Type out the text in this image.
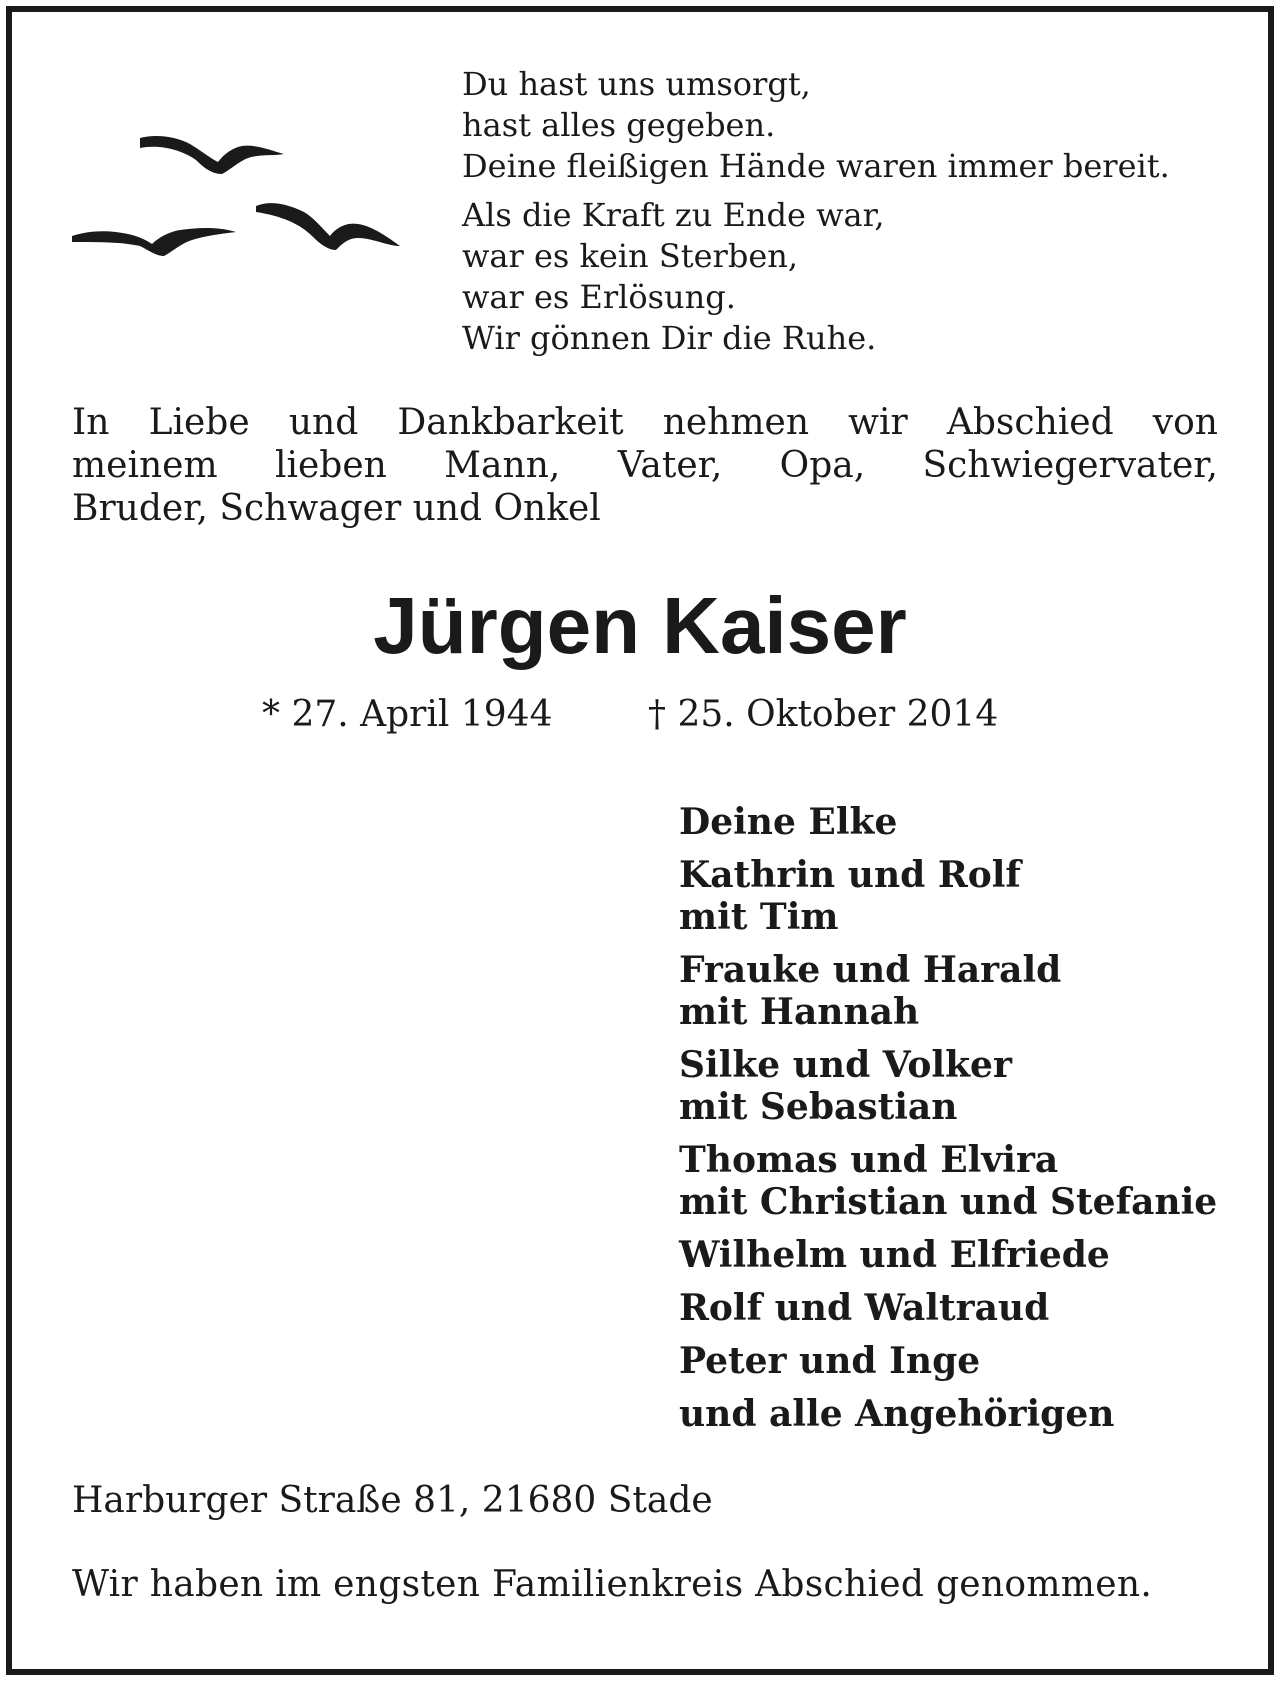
Du hast uns umsorgt,
hast alles gegeben.
Deine fleißigen Hände waren immer bereit.

Als die Kraft zu Ende war,
war es kein Sterben,
war es Erlösung.
Wir gönnen Dir die Ruhe.

In Liebe und Dankbarkeit nehmen wir Abschied von
meinem lieben Mann, Vater, Opa, Schwiegervater,
Bruder, Schwager und Onkel
Jürgen Kaiser
* 27. April 1944	† 25. Oktober 2014
Deine Elke
Kathrin und Rolf
mit Tim
Frauke und Harald
mit Hannah
Silke und Volker
mit Sebastian
Thomas und Elvira
mit Christian und Stefanie
Wilhelm und Elfriede
Rolf und Waltraud
Peter und Inge
und alle Angehörigen
Harburger Straße 81, 21680 Stade
Wir haben im engsten Familienkreis Abschied genommen.
